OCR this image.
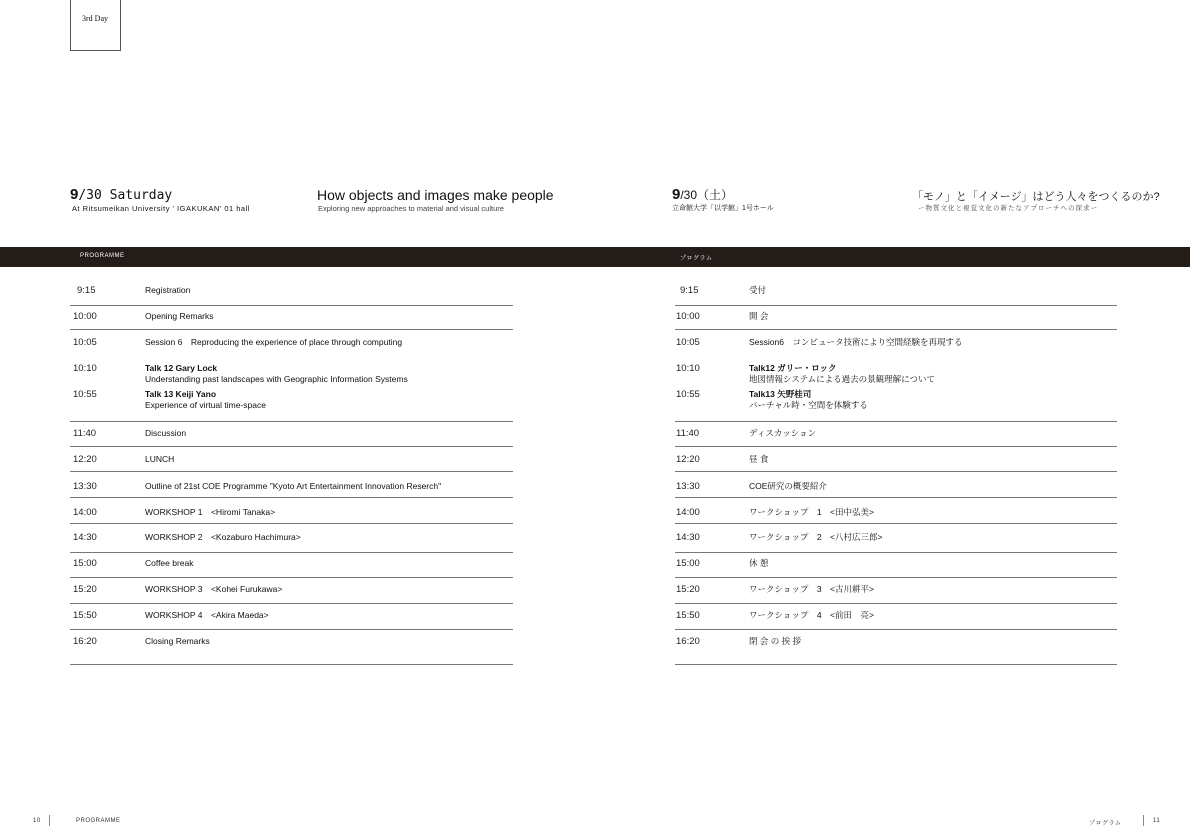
3rd Day
9/30 Saturday
At Ritsumeikan University ' IGAKUKAN' 01 hall
How objects and images make people
Exploring new approaches to material and visual culture
9/30（土）
立命館大学「以学館」1号ホール
「モノ」と「イメージ」はどう人々をつくるのか?
ー物質文化と視覚文化の新たなアプローチへの探求ー
PROGRAMME	プログラム
9:15	Registration
10:00	Opening Remarks
10:05	Session 6　Reproducing the experience of place through computing
10:10	Talk 12 Gary Lock
Understanding past landscapes with Geographic Information Systems
10:55	Talk 13 Keiji Yano
Experience of virtual time-space
11:40	Discussion
12:20	LUNCH
13:30	Outline of 21st COE Programme "Kyoto Art Entertainment Innovation Reserch"
14:00	WORKSHOP 1　<Hiromi Tanaka>
14:30	WORKSHOP 2　<Kozaburo Hachimura>
15:00	Coffee break
15:20	WORKSHOP 3　<Kohei Furukawa>
15:50	WORKSHOP 4　<Akira Maeda>
16:20	Closing Remarks
9:15	受付
10:00	開 会
10:05	Session6　コンピュータ技術により空間経験を再現する
10:10	Talk12 ガリー・ロック
地図情報システムによる過去の景観理解について
10:55	Talk13 矢野桂司
バーチャル時・空間を体験する
11:40	ディスカッション
12:20	昼 食
13:30	COE研究の概要紹介
14:00	ワークショップ　1　<田中弘美>
14:30	ワークショップ　2　<八村広三郎>
15:00	休 憩
15:20	ワークショップ　3　<古川耕平>
15:50	ワークショップ　4　<前田　亮>
16:20	閉 会 の 挨 拶
10	PROGRAMME	プログラム	11
